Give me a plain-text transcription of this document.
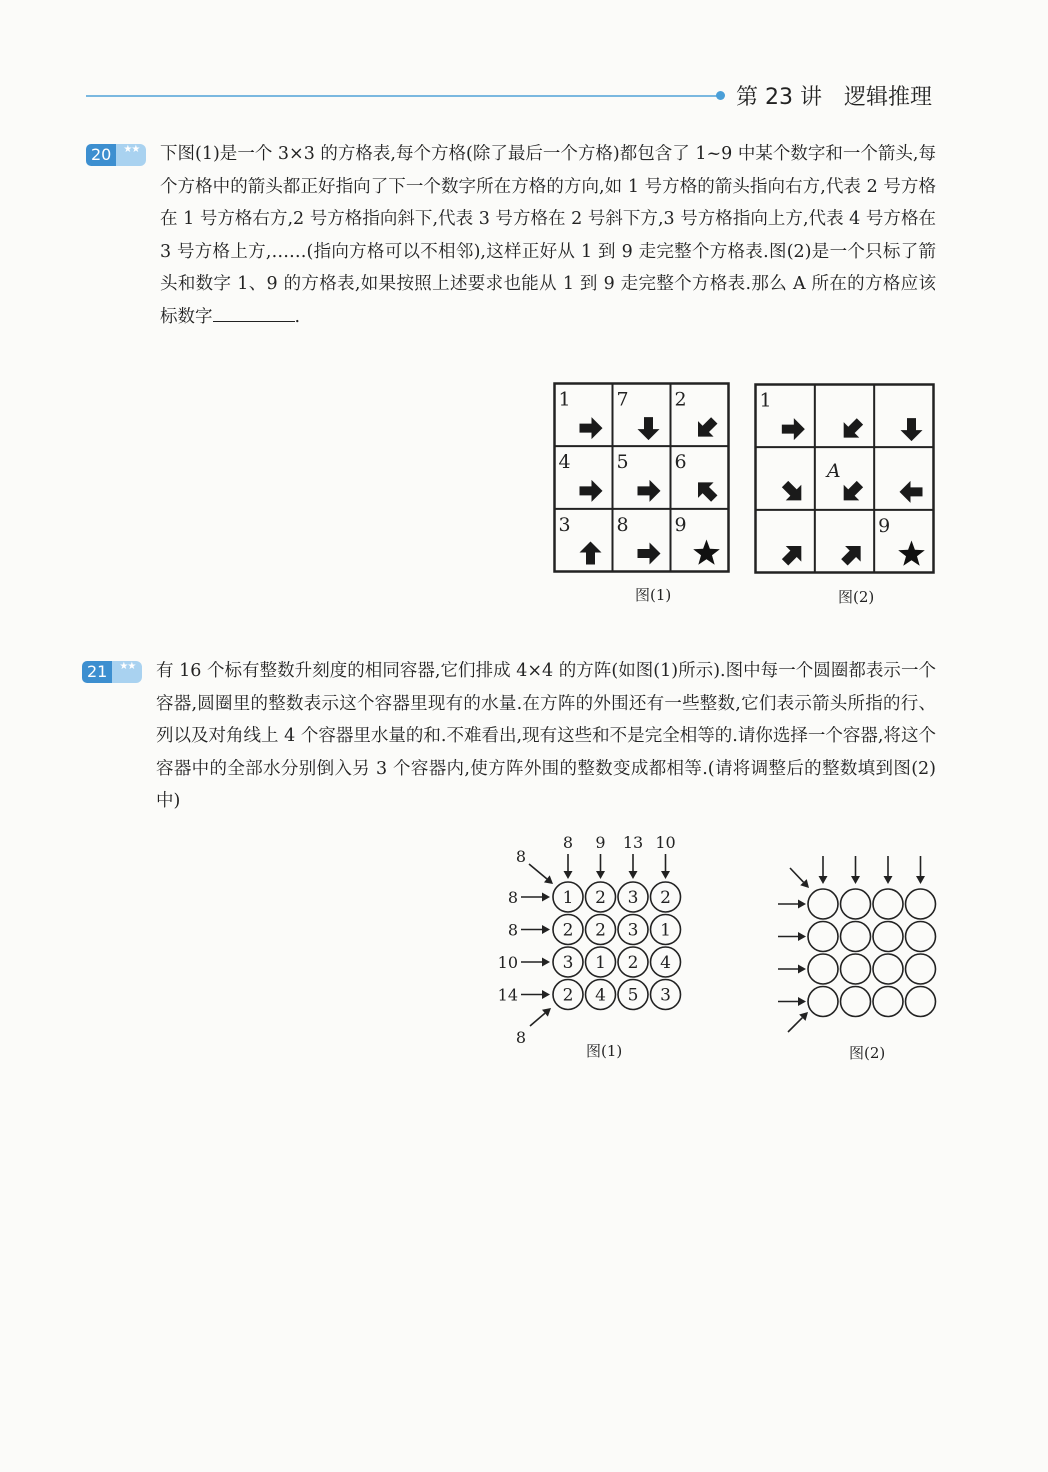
第 23 讲 逻辑推理
20	★★	下图(1)是一个 3×3 的方格表,每个方格(除了最后一个方格)都包含了 1~9 中某个数字和一个箭头,每个方格中的箭头都正好指向了下一个数字所在方格的方向,如 1 号方格的箭头指向右方,代表 2 号方格在 1 号方格右方,2 号方格指向斜下,代表 3 号方格在 2 号斜下方,3 号方格指向上方,代表 4 号方格在 3 号方格上方,……(指向方格可以不相邻),这样正好从 1 到 9 走完整个方格表.图(2)是一个只标了箭头和数字 1、9 的方格表,如果按照上述要求也能从 1 到 9 走完整个方格表.那么 A 所在的方格应该标数字	.
1 7 2
4 5 6
3 8 9
图(1)
1
A
9
图(2)
21	★★	有 16 个标有整数升刻度的相同容器,它们排成 4×4 的方阵(如图(1)所示).图中每一个圆圈都表示一个容器,圆圈里的整数表示这个容器里现有的水量.在方阵的外围还有一些整数,它们表示箭头所指的行、列以及对角线上 4 个容器里水量的和.不难看出,现有这些和不是完全相等的.请你选择一个容器,将这个容器中的全部水分别倒入另 3 个容器内,使方阵外围的整数变成都相等.(请将调整后的整数填到图(2)中)
1 2 3 2
2 2 3 1
3 1 2 4
2 4 5 3
8 9 13 10
8
8
10
14
8
8
图(1)	图(2)
